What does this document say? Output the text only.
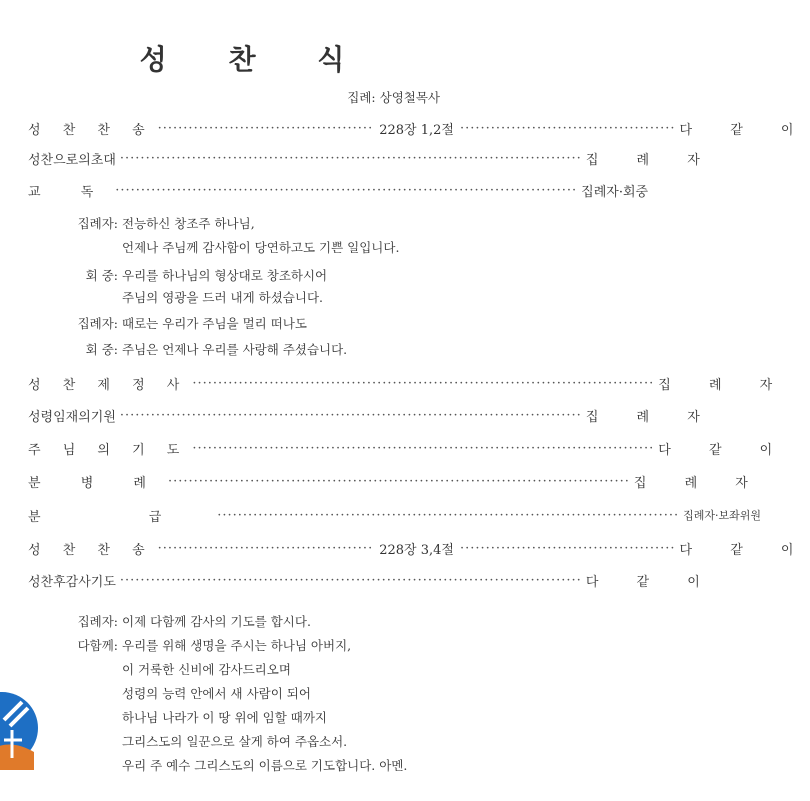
성 찬 식
집례: 상영철목사
성 찬 찬 송 ·········································· 228장 1,2절 ·········································· 다 같 이
성찬으로의초대 ·························································································· 집 례 자
교 독 ·························································································· 집례자·회중
집례자: 전능하신 창조주 하나님,
언제나 주님께 감사함이 당연하고도 기쁜 일입니다.
회 중: 우리를 하나님의 형상대로 창조하시어
주님의 영광을 드러 내게 하셨습니다.
집례자: 때로는 우리가 주님을 멀리 떠나도
회 중: 주님은 언제나 우리를 사랑해 주셨습니다.
성 찬 제 정 사 ·························································································· 집 례 자
성령임재의기원 ·························································································· 집 례 자
주 님 의 기 도 ·························································································· 다 같 이
분 병 례 ·························································································· 집 례 자
분 급 ·························································································· 집례자·보좌위원
성 찬 찬 송 ·········································· 228장 3,4절 ·········································· 다 같 이
성찬후감사기도 ·························································································· 다 같 이
집례자: 이제 다함께 감사의 기도를 합시다.
다함께: 우리를 위해 생명을 주시는 하나님 아버지,
이 거룩한 신비에 감사드리오며
성령의 능력 안에서 새 사람이 되어
하나님 나라가 이 땅 위에 임할 때까지
그리스도의 일꾼으로 살게 하여 주옵소서.
우리 주 예수 그리스도의 이름으로 기도합니다. 아멘.
